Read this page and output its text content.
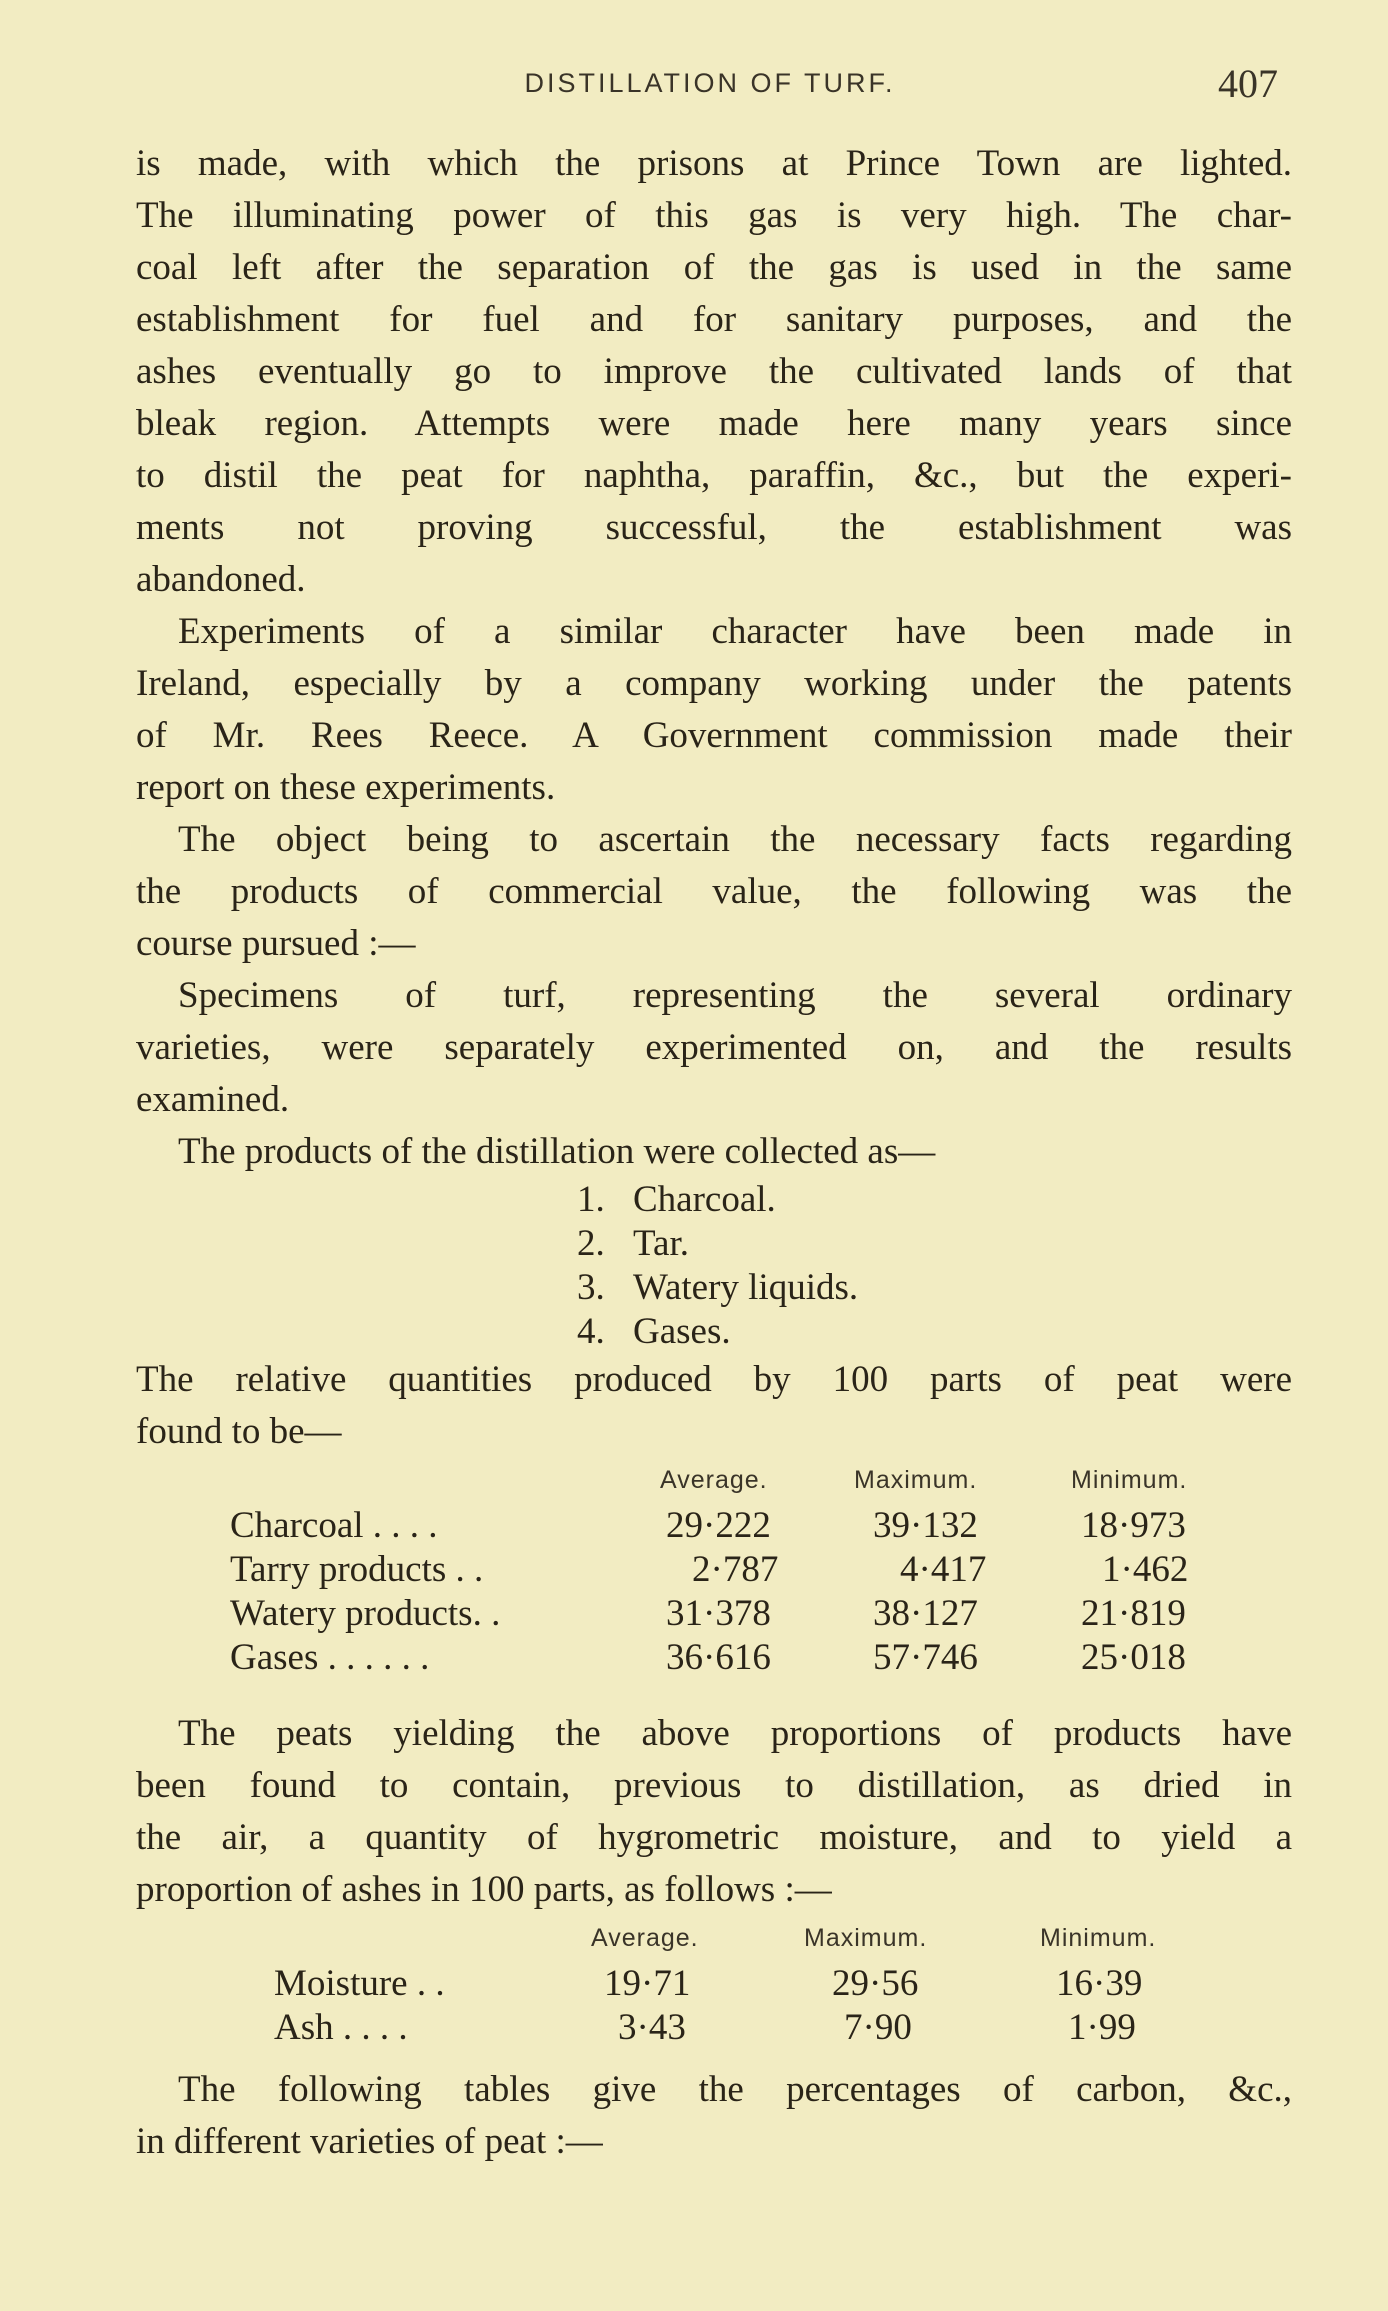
DISTILLATION OF TURF.	407
is made, with which the prisons at Prince Town are lighted.
The illuminating power of this gas is very high. The char-
coal left after the separation of the gas is used in the same
establishment for fuel and for sanitary purposes, and the
ashes eventually go to improve the cultivated lands of that
bleak region. Attempts were made here many years since
to distil the peat for naphtha, paraffin, &c., but the experi-
ments not proving successful, the establishment was
abandoned.
Experiments of a similar character have been made in
Ireland, especially by a company working under the patents
of Mr. Rees Reece. A Government commission made their
report on these experiments.
The object being to ascertain the necessary facts regarding
the products of commercial value, the following was the
course pursued :—
Specimens of turf, representing the several ordinary
varieties, were separately experimented on, and the results
examined.
The products of the distillation were collected as—
1. Charcoal.
2. Tar.
3. Watery liquids.
4. Gases.
The relative quantities produced by 100 parts of peat were
found to be—
Average.	Maximum.	Minimum.
Charcoal . . . .	29·222	39·132	18·973
Tarry products . .	2·787	4·417	1·462
Watery products. .	31·378	38·127	21·819
Gases . . . . . .	36·616	57·746	25·018
The peats yielding the above proportions of products have
been found to contain, previous to distillation, as dried in
the air, a quantity of hygrometric moisture, and to yield a
proportion of ashes in 100 parts, as follows :—
Average.	Maximum.	Minimum.
Moisture . .	19·71	29·56	16·39
Ash . . . .	3·43	7·90	1·99
The following tables give the percentages of carbon, &c.,
in different varieties of peat :—
